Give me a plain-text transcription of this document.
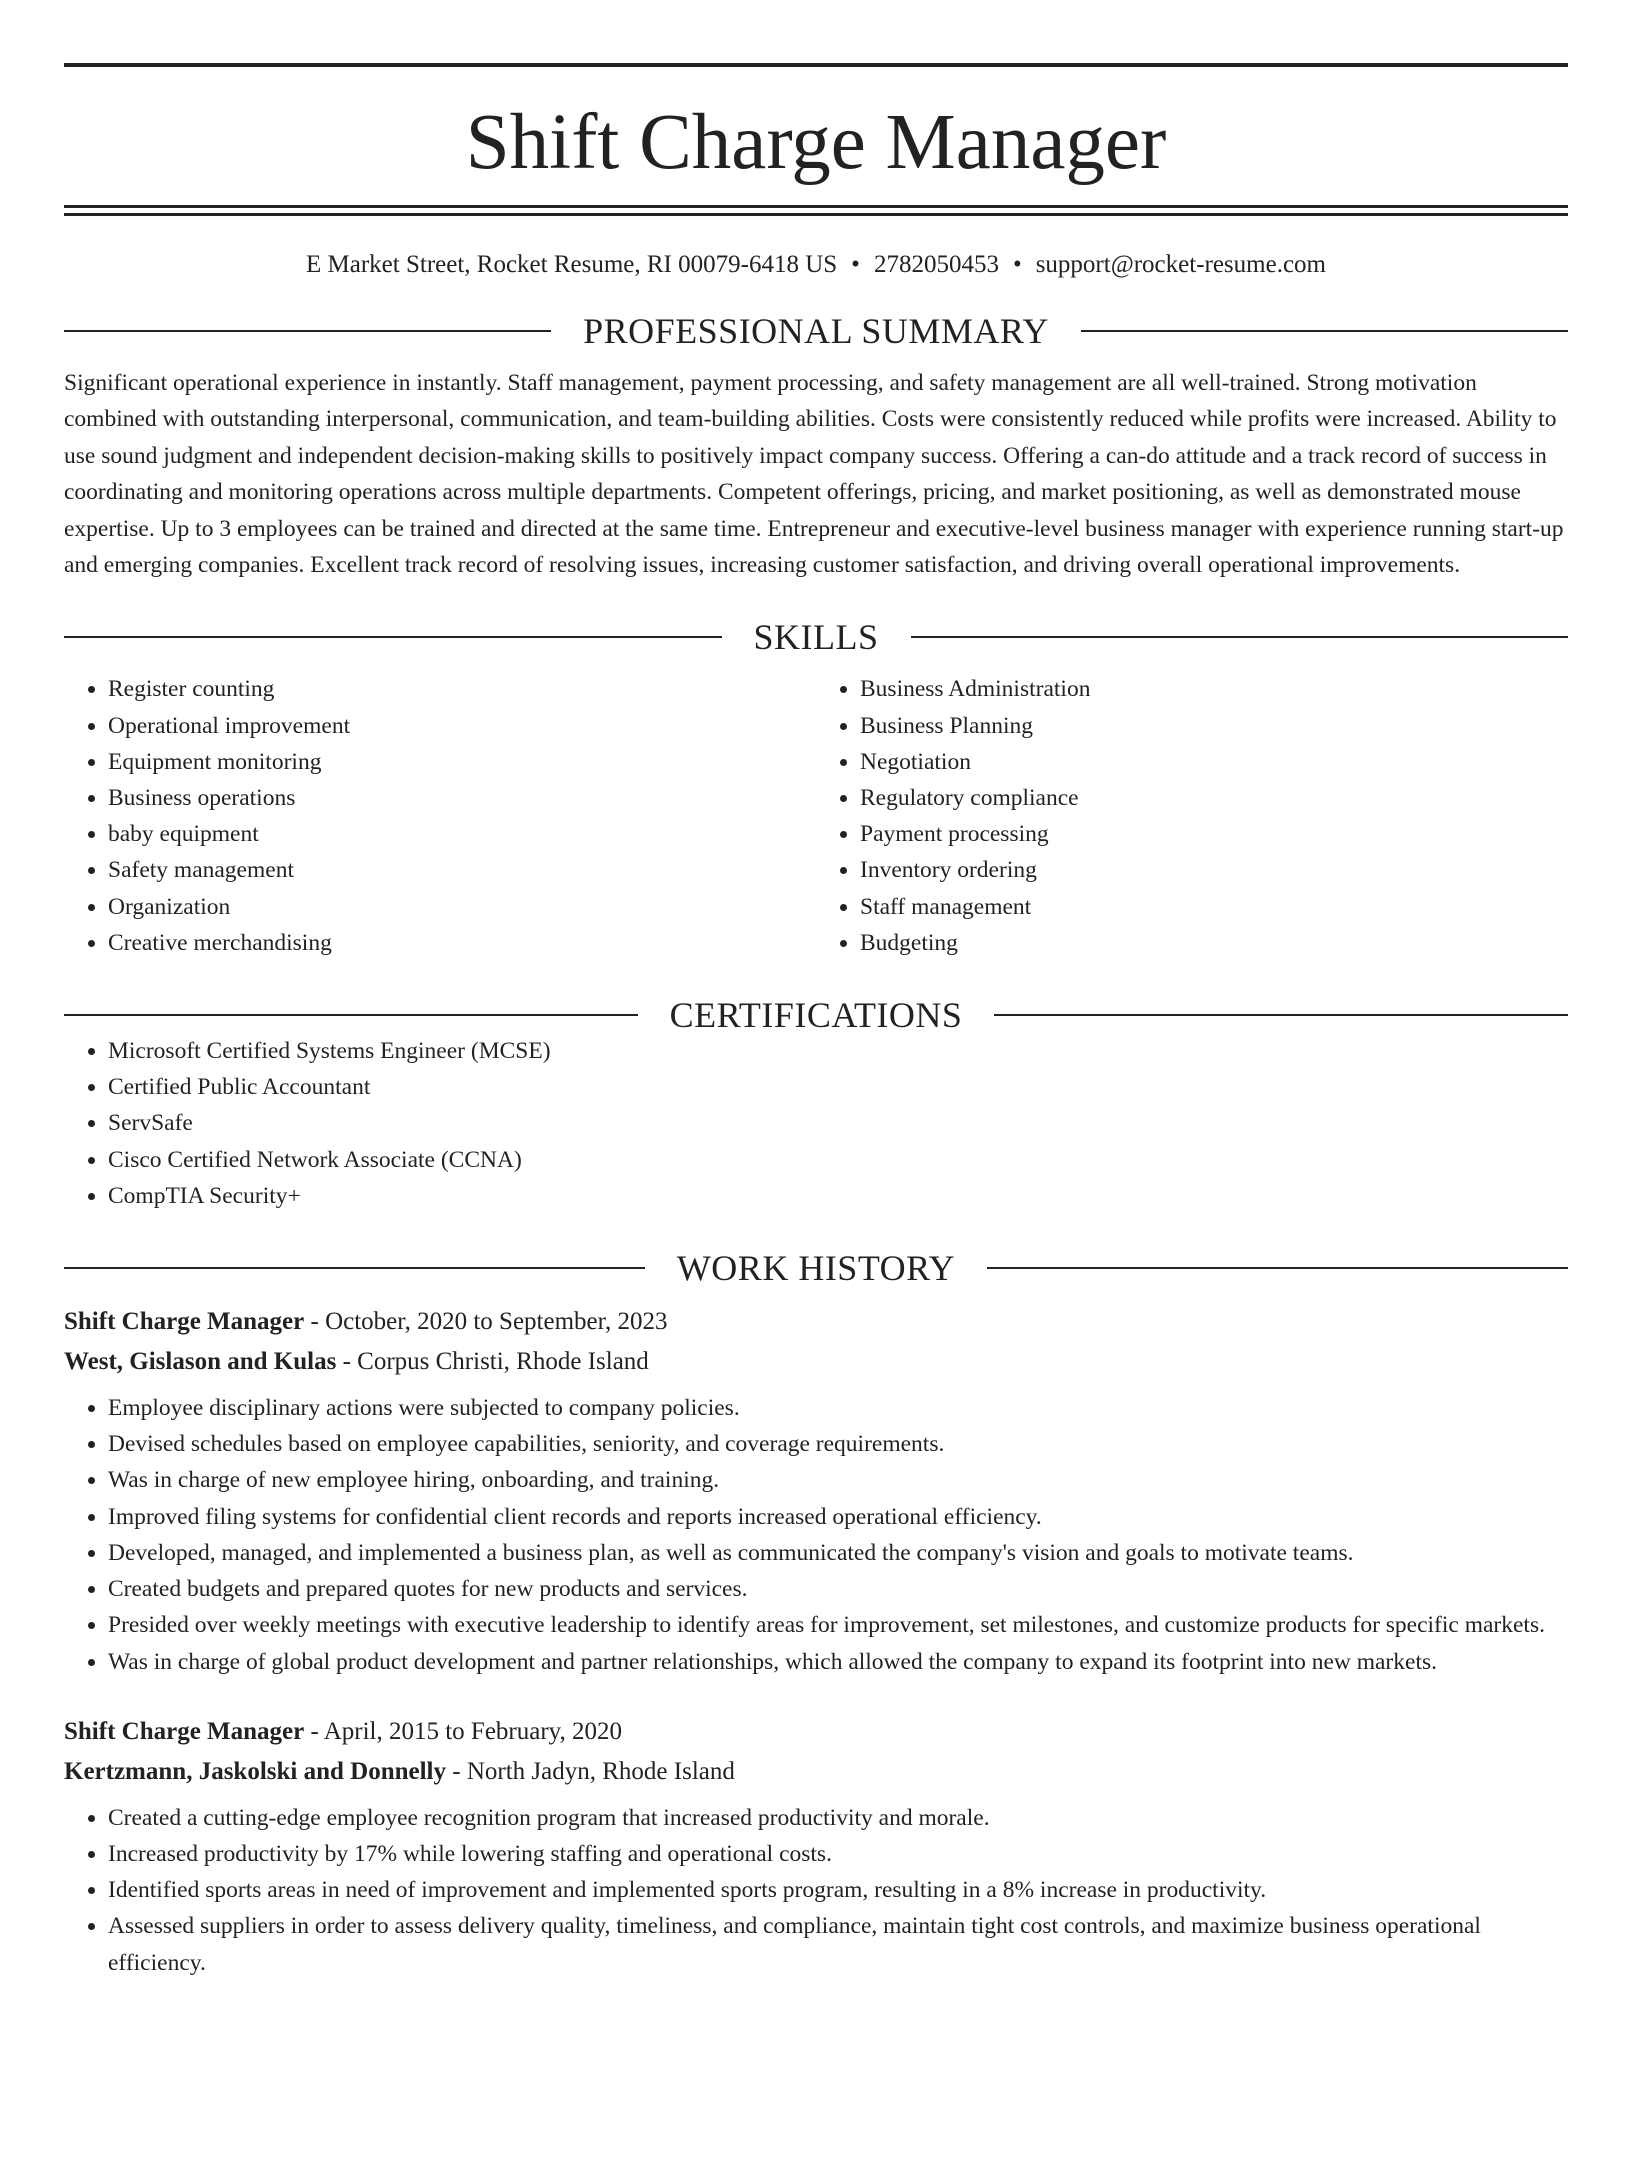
Shift Charge Manager
E Market Street, Rocket Resume, RI 00079-6418 US • 2782050453 • support@rocket-resume.com
PROFESSIONAL SUMMARY
Significant operational experience in instantly. Staff management, payment processing, and safety management are all well-trained. Strong motivation combined with outstanding interpersonal, communication, and team-building abilities. Costs were consistently reduced while profits were increased. Ability to use sound judgment and independent decision-making skills to positively impact company success. Offering a can-do attitude and a track record of success in coordinating and monitoring operations across multiple departments. Competent offerings, pricing, and market positioning, as well as demonstrated mouse expertise. Up to 3 employees can be trained and directed at the same time. Entrepreneur and executive-level business manager with experience running start-up and emerging companies. Excellent track record of resolving issues, increasing customer satisfaction, and driving overall operational improvements.
SKILLS
• Register counting
• Operational improvement
• Equipment monitoring
• Business operations
• baby equipment
• Safety management
• Organization
• Creative merchandising
• Business Administration
• Business Planning
• Negotiation
• Regulatory compliance
• Payment processing
• Inventory ordering
• Staff management
• Budgeting
CERTIFICATIONS
• Microsoft Certified Systems Engineer (MCSE)
• Certified Public Accountant
• ServSafe
• Cisco Certified Network Associate (CCNA)
• CompTIA Security+
WORK HISTORY
Shift Charge Manager - October, 2020 to September, 2023
West, Gislason and Kulas - Corpus Christi, Rhode Island
• Employee disciplinary actions were subjected to company policies.
• Devised schedules based on employee capabilities, seniority, and coverage requirements.
• Was in charge of new employee hiring, onboarding, and training.
• Improved filing systems for confidential client records and reports increased operational efficiency.
• Developed, managed, and implemented a business plan, as well as communicated the company's vision and goals to motivate teams.
• Created budgets and prepared quotes for new products and services.
• Presided over weekly meetings with executive leadership to identify areas for improvement, set milestones, and customize products for specific markets.
• Was in charge of global product development and partner relationships, which allowed the company to expand its footprint into new markets.
Shift Charge Manager - April, 2015 to February, 2020
Kertzmann, Jaskolski and Donnelly - North Jadyn, Rhode Island
• Created a cutting-edge employee recognition program that increased productivity and morale.
• Increased productivity by 17% while lowering staffing and operational costs.
• Identified sports areas in need of improvement and implemented sports program, resulting in a 8% increase in productivity.
• Assessed suppliers in order to assess delivery quality, timeliness, and compliance, maintain tight cost controls, and maximize business operational efficiency.
